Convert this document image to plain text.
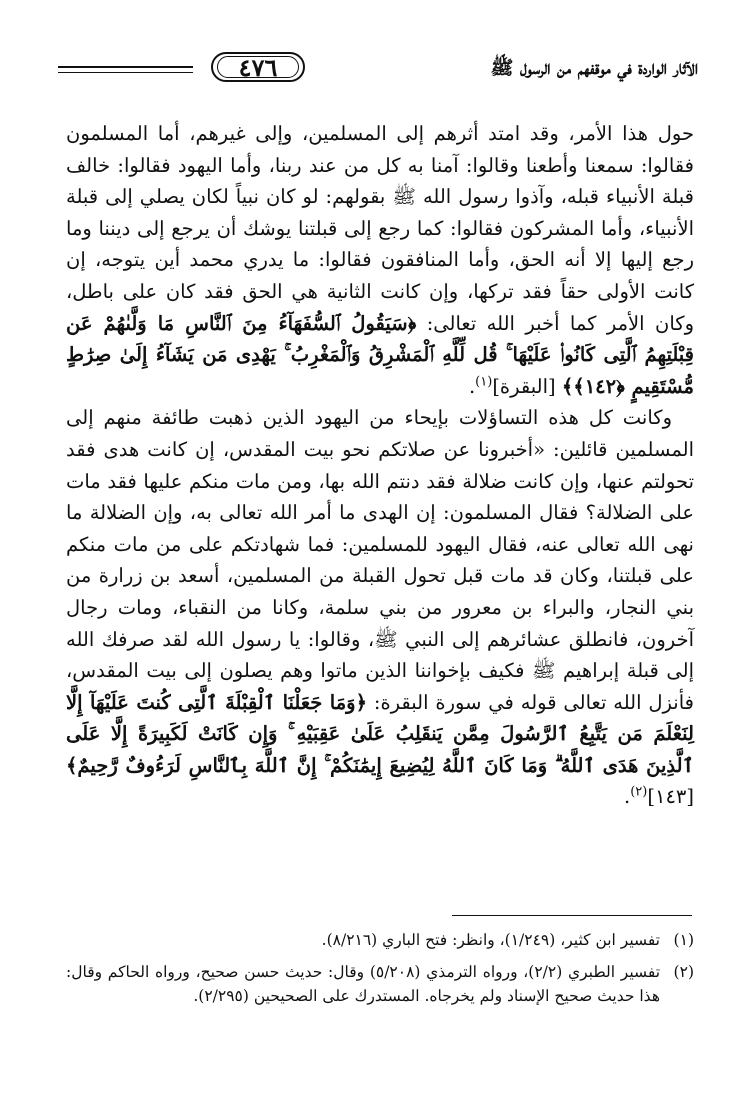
٤٧٦	الآثار الواردة في موقفهم من الرسول ﷺ

حول هذا الأمر، وقد امتد أثرهم إلى المسلمين، وإلى غيرهم، أما المسلمون فقالوا: سمعنا وأطعنا وقالوا: آمنا به كل من عند ربنا، وأما اليهود فقالوا: خالف قبلة الأنبياء قبله، وآذوا رسول الله ﷺ بقولهم: لو كان نبياً لكان يصلي إلى قبلة الأنبياء، وأما المشركون فقالوا: كما رجع إلى قبلتنا يوشك أن يرجع إلى ديننا وما رجع إليها إلا أنه الحق، وأما المنافقون فقالوا: ما يدري محمد أين يتوجه، إن كانت الأولى حقاً فقد تركها، وإن كانت الثانية هي الحق فقد كان على باطل، وكان الأمر كما أخبر الله تعالى: ﴿سَيَقُولُ ٱلسُّفَهَآءُ مِنَ ٱلنَّاسِ مَا وَلَّىٰهُمْ عَن قِبْلَتِهِمُ ٱلَّتِى كَانُوا۟ عَلَيْهَا ۚ قُل لِّلَّهِ ٱلْمَشْرِقُ وَٱلْمَغْرِبُ ۚ يَهْدِى مَن يَشَآءُ إِلَىٰ صِرَٰطٍ مُّسْتَقِيمٍ ﴿١٤٢﴾﴾ [البقرة]$^{(١)}$.

وكانت كل هذه التساؤلات بإيحاء من اليهود الذين ذهبت طائفة منهم إلى المسلمين قائلين: «أخبرونا عن صلاتكم نحو بيت المقدس، إن كانت هدى فقد تحولتم عنها، وإن كانت ضلالة فقد دنتم الله بها، ومن مات منكم عليها فقد مات على الضلالة؟ فقال المسلمون: إن الهدى ما أمر الله تعالى به، وإن الضلالة ما نهى الله تعالى عنه، فقال اليهود للمسلمين: فما شهادتكم على من مات منكم على قبلتنا، وكان قد مات قبل تحول القبلة من المسلمين، أسعد بن زرارة من بني النجار، والبراء بن معرور من بني سلمة، وكانا من النقباء، ومات رجال آخرون، فانطلق عشائرهم إلى النبي ﷺ، وقالوا: يا رسول الله لقد صرفك الله إلى قبلة إبراهيم ﷺ فكيف بإخواننا الذين ماتوا وهم يصلون إلى بيت المقدس، فأنزل الله تعالى قوله في سورة البقرة: ﴿وَمَا جَعَلْنَا ٱلْقِبْلَةَ ٱلَّتِى كُنتَ عَلَيْهَآ إِلَّا لِنَعْلَمَ مَن يَتَّبِعُ ٱلرَّسُولَ مِمَّن يَنقَلِبُ عَلَىٰ عَقِبَيْهِ ۚ وَإِن كَانَتْ لَكَبِيرَةً إِلَّا عَلَى ٱلَّذِينَ هَدَى ٱللَّهُ ۗ وَمَا كَانَ ٱللَّهُ لِيُضِيعَ إِيمَٰنَكُمْ ۚ إِنَّ ٱللَّهَ بِٱلنَّاسِ لَرَءُوفٌ رَّحِيمٌ﴾ [١٤٣]$^{(٢)}$.

(١)
تفسير ابن كثير، (١/٢٤٩)، وانظر: فتح الباري (٨/٢١٦).
(٢)
تفسير الطبري (٢/٢)، ورواه الترمذي (٥/٢٠٨) وقال: حديث حسن صحيح، ورواه الحاكم وقال: هذا حديث صحيح الإسناد ولم يخرجاه. المستدرك على الصحيحين (٢/٢٩٥).
